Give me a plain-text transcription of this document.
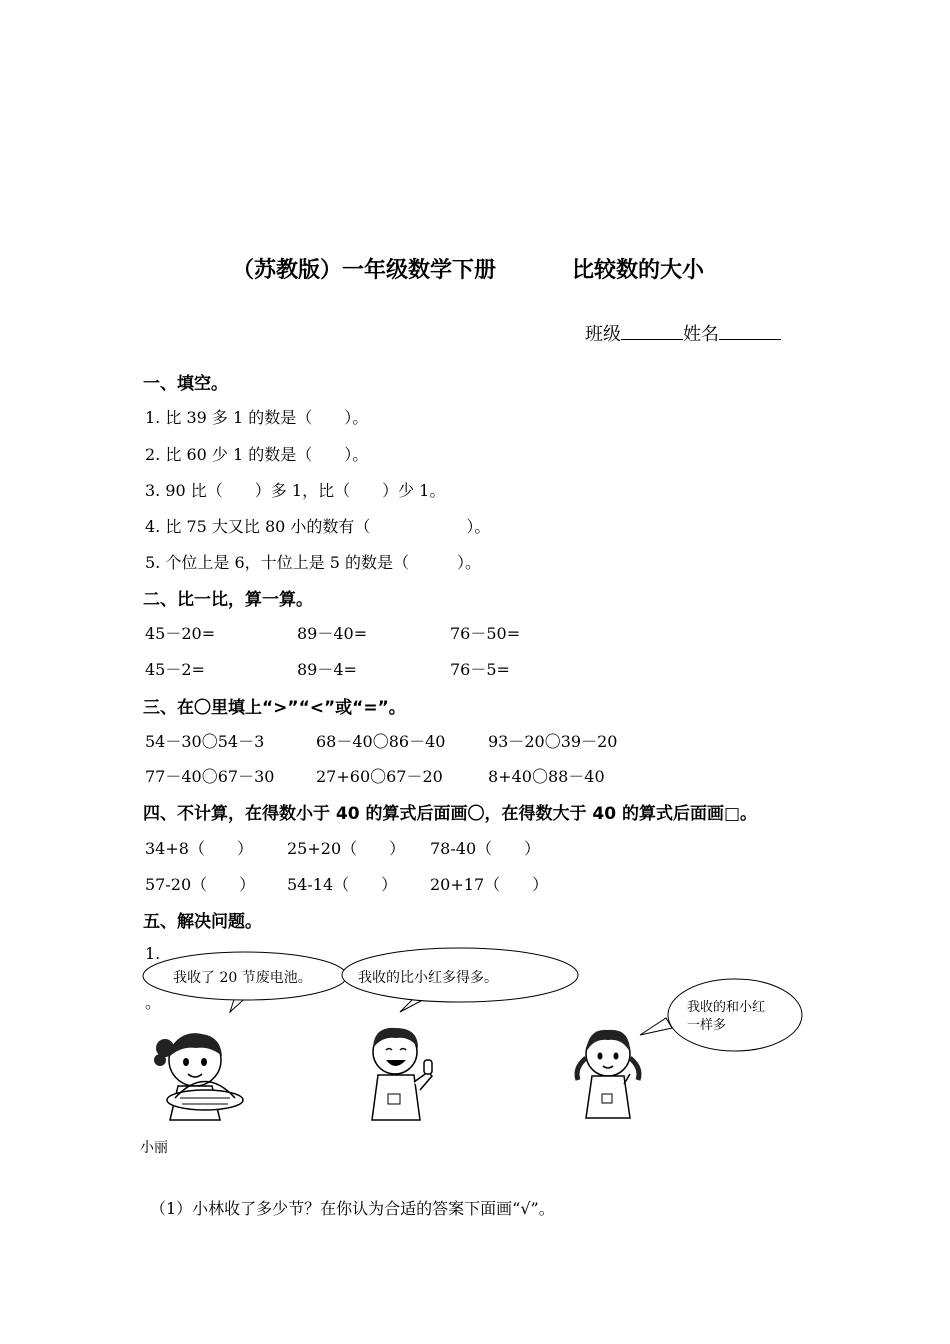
（苏教版）一年级数学下册	比较数的大小
班级	姓名
一、填空。
1. 比 39 多 1 的数是（　　）。
2. 比 60 少 1 的数是（　　）。
3. 90 比（　　）多 1，比（　　）少 1。
4. 比 75 大又比 80 小的数有（　　　　　　）。
5. 个位上是 6，十位上是 5 的数是（　　　）。
二、比一比，算一算。
45－20=	89－40=	76－50=
45－2=	89－4=	76－5=
三、在〇里填上“>”“<”或“=”。
54－30〇54－3	68－40〇86－40	93－20〇39－20
77－40〇67－30	27+60〇67－20	8+40〇88－40
四、不计算，在得数小于 40 的算式后面画〇，在得数大于 40 的算式后面画□。
34+8（　　） 25+20（　　） 78-40（　　）
57-20（　　） 54-14（　　） 20+17（　　）
五、解决问题。
1.
。
我收了 20 节废电池。	我收的比小红多得多。
我收的和小红
一样多
小丽
（1）小林收了多少节？在你认为合适的答案下面画“√”。
